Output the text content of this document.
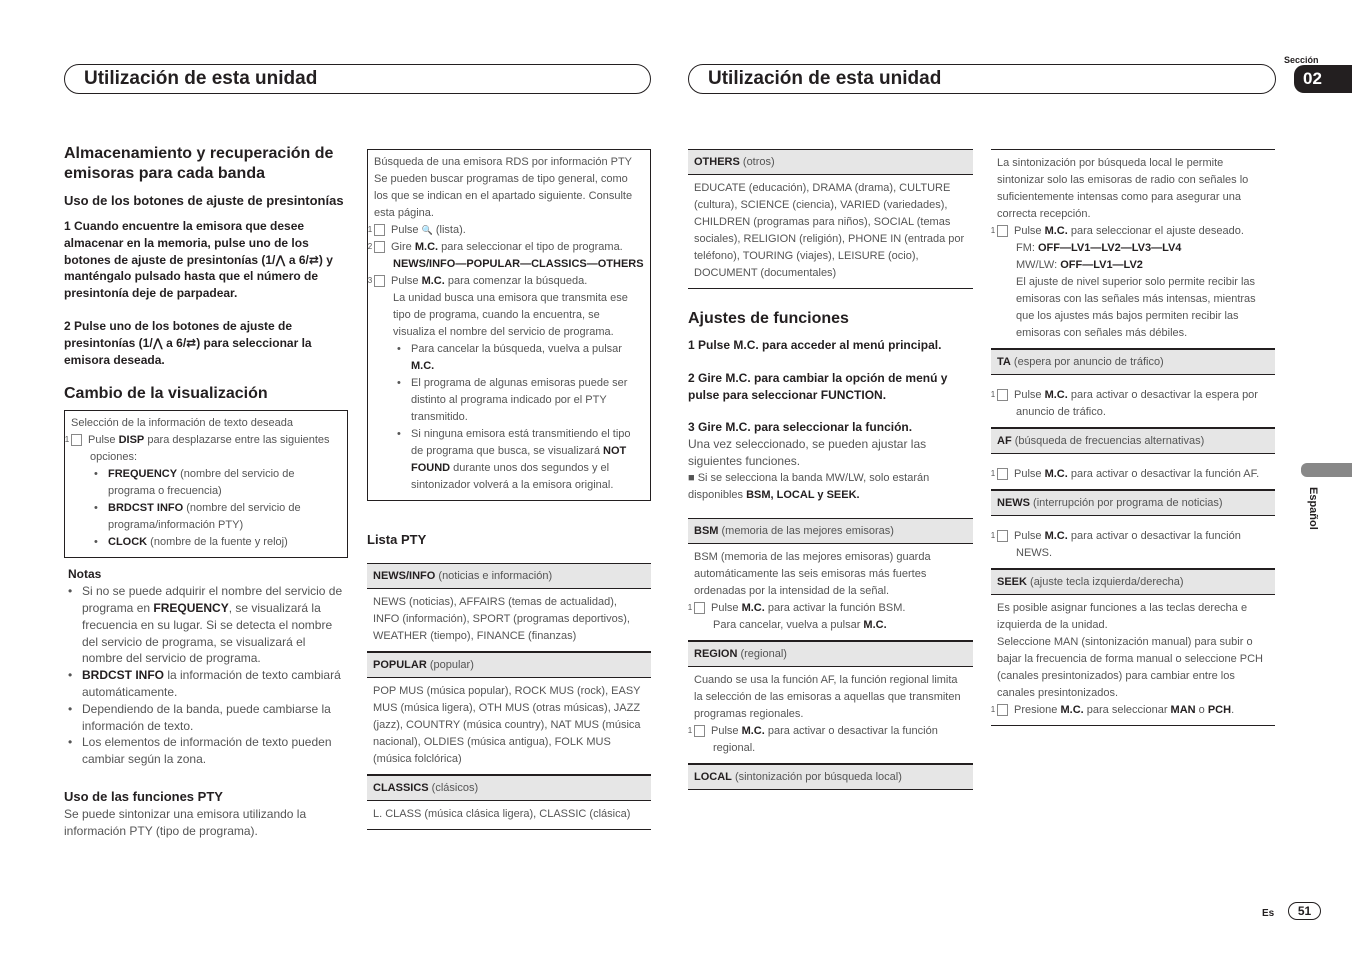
Utilización de esta unidad	Utilización de esta unidad
Sección
02
Español
Almacenamiento y recuperación de emisoras para cada banda
Uso de los botones de ajuste de presintonías

1 Cuando encuentre la emisora que desee almacenar en la memoria, pulse uno de los botones de ajuste de presintonías (1/⋀ a 6/⇄) y manténgalo pulsado hasta que el número de presintonía deje de parpadear.

2 Pulse uno de los botones de ajuste de presintonías (1/⋀ a 6/⇄) para seleccionar la emisora deseada.

Cambio de la visualización

Selección de la información de texto deseada

1 Pulse DISP para desplazarse entre las siguientes opciones:

• FREQUENCY (nombre del servicio de programa o frecuencia)
• BRDCST INFO (nombre del servicio de programa/información PTY)
• CLOCK (nombre de la fuente y reloj)

Notas

• Si no se puede adquirir el nombre del servicio de programa en FREQUENCY, se visualizará la frecuencia en su lugar. Si se detecta el nombre del servicio de programa, se visualizará el nombre del servicio de programa.
• BRDCST INFO la información de texto cambiará automáticamente.
• Dependiendo de la banda, puede cambiarse la información de texto.
• Los elementos de información de texto pueden cambiar según la zona.
Uso de las funciones PTY

Se puede sintonizar una emisora utilizando la información PTY (tipo de programa).

Búsqueda de una emisora RDS por información PTY

Se pueden buscar programas de tipo general, como los que se indican en el apartado siguiente. Consulte esta página.

1 Pulse 🔍 (lista).

2 Gire M.C. para seleccionar el tipo de programa.

NEWS/INFO—POPULAR—CLASSICS—OTHERS

3 Pulse M.C. para comenzar la búsqueda.

La unidad busca una emisora que transmita ese tipo de programa, cuando la encuentra, se visualiza el nombre del servicio de programa.

• Para cancelar la búsqueda, vuelva a pulsar M.C.
• El programa de algunas emisoras puede ser distinto al programa indicado por el PTY transmitido.
• Si ninguna emisora está transmitiendo el tipo de programa que busca, se visualizará NOT FOUND durante unos dos segundos y el sintonizador volverá a la emisora original.
Lista PTY
NEWS/INFO (noticias e información)
NEWS (noticias), AFFAIRS (temas de actualidad), INFO (información), SPORT (programas deportivos), WEATHER (tiempo), FINANCE (finanzas)
POPULAR (popular)
POP MUS (música popular), ROCK MUS (rock), EASY MUS (música ligera), OTH MUS (otras músicas), JAZZ (jazz), COUNTRY (música country), NAT MUS (música nacional), OLDIES (música antigua), FOLK MUS (música folclórica)
CLASSICS (clásicos)
L. CLASS (música clásica ligera), CLASSIC (clásica)
OTHERS (otros)
EDUCATE (educación), DRAMA (drama), CULTURE (cultura), SCIENCE (ciencia), VARIED (variedades), CHILDREN (programas para niños), SOCIAL (temas sociales), RELIGION (religión), PHONE IN (entrada por teléfono), TOURING (viajes), LEISURE (ocio), DOCUMENT (documentales)
Ajustes de funciones

1 Pulse M.C. para acceder al menú principal.

2 Gire M.C. para cambiar la opción de menú y pulse para seleccionar FUNCTION.

3 Gire M.C. para seleccionar la función.

Una vez seleccionado, se pueden ajustar las siguientes funciones.

■ Si se selecciona la banda MW/LW, solo estarán disponibles BSM, LOCAL y SEEK.

BSM (memoria de las mejores emisoras)

BSM (memoria de las mejores emisoras) guarda automáticamente las seis emisoras más fuertes ordenadas por la intensidad de la señal.

1 Pulse M.C. para activar la función BSM.

Para cancelar, vuelva a pulsar M.C.

REGION (regional)

Cuando se usa la función AF, la función regional limita la selección de las emisoras a aquellas que transmiten programas regionales.

1 Pulse M.C. para activar o desactivar la función regional.

LOCAL (sintonización por búsqueda local)

La sintonización por búsqueda local le permite sintonizar solo las emisoras de radio con señales lo suficientemente intensas como para asegurar una correcta recepción.

1 Pulse M.C. para seleccionar el ajuste deseado.

FM: OFF—LV1—LV2—LV3—LV4

MW/LW: OFF—LV1—LV2

El ajuste de nivel superior solo permite recibir las emisoras con las señales más intensas, mientras que los ajustes más bajos permiten recibir las emisoras con señales más débiles.

TA (espera por anuncio de tráfico)

1 Pulse M.C. para activar o desactivar la espera por anuncio de tráfico.

AF (búsqueda de frecuencias alternativas)

1 Pulse M.C. para activar o desactivar la función AF.

NEWS (interrupción por programa de noticias)

1 Pulse M.C. para activar o desactivar la función NEWS.

SEEK (ajuste tecla izquierda/derecha)

Es posible asignar funciones a las teclas derecha e izquierda de la unidad.

Seleccione MAN (sintonización manual) para subir o bajar la frecuencia de forma manual o seleccione PCH (canales presintonizados) para cambiar entre los canales presintonizados.

1 Presione M.C. para seleccionar MAN o PCH.

Es	51
